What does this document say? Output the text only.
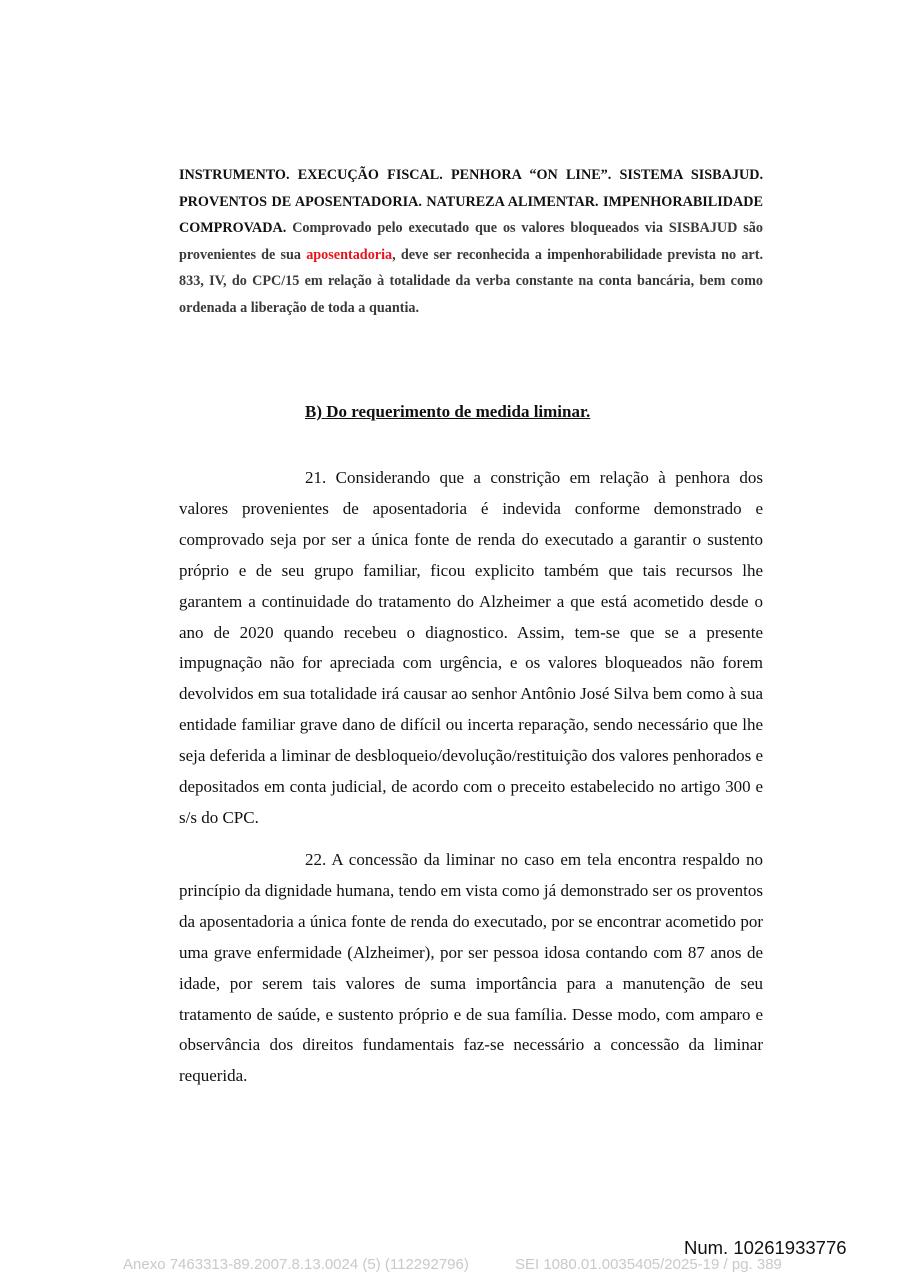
INSTRUMENTO. EXECUÇÃO FISCAL. PENHORA “ON LINE”. SISTEMA SISBAJUD. PROVENTOS DE APOSENTADORIA. NATUREZA ALIMENTAR. IMPENHORABILIDADE COMPROVADA. Comprovado pelo executado que os valores bloqueados via SISBAJUD são provenientes de sua aposentadoria, deve ser reconhecida a impenhorabilidade prevista no art. 833, IV, do CPC/15 em relação à totalidade da verba constante na conta bancária, bem como ordenada a liberação de toda a quantia.
B) Do requerimento de medida liminar.

21. Considerando que a constrição em relação à penhora dos valores provenientes de aposentadoria é indevida conforme demonstrado e comprovado seja por ser a única fonte de renda do executado a garantir o sustento próprio e de seu grupo familiar, ficou explicito também que tais recursos lhe garantem a continuidade do tratamento do Alzheimer a que está acometido desde o ano de 2020 quando recebeu o diagnostico. Assim, tem-se que se a presente impugnação não for apreciada com urgência, e os valores bloqueados não forem devolvidos em sua totalidade irá causar ao senhor Antônio José Silva bem como à sua entidade familiar grave dano de difícil ou incerta reparação, sendo necessário que lhe seja deferida a liminar de desbloqueio/devolução/restituição dos valores penhorados e depositados em conta judicial, de acordo com o preceito estabelecido no artigo 300 e s/s do CPC.

22. A concessão da liminar no caso em tela encontra respaldo no princípio da dignidade humana, tendo em vista como já demonstrado ser os proventos da aposentadoria a única fonte de renda do executado, por se encontrar acometido por uma grave enfermidade (Alzheimer), por ser pessoa idosa contando com 87 anos de idade, por serem tais valores de suma importância para a manutenção de seu tratamento de saúde, e sustento próprio e de sua família. Desse modo, com amparo e observância dos direitos fundamentais faz-se necessário a concessão da liminar requerida.

Num. 10261933776
Anexo 7463313-89.2007.8.13.0024 (5) (112292796)	SEI 1080.01.0035405/2025-19 / pg. 389
